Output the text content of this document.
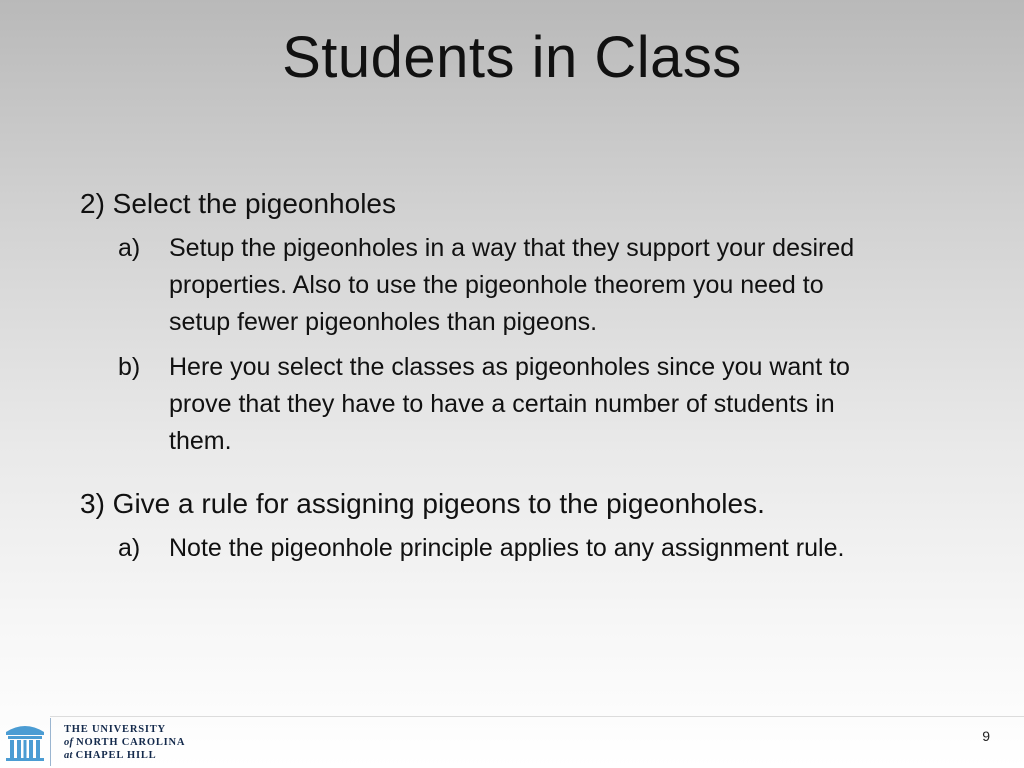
Students in Class

2) Select the pigeonholes

a) Setup the pigeonholes in a way that they support your desired properties. Also to use the pigeonhole theorem you need to setup fewer pigeonholes than pigeons.
b) Here you select the classes as pigeonholes since you want to prove that they have to have a certain number of students in them.

3) Give a rule for assigning pigeons to the pigeonholes.

a) Note the pigeonhole principle applies to any assignment rule.
THE UNIVERSITY
of NORTH CAROLINA
at CHAPEL HILL
9
